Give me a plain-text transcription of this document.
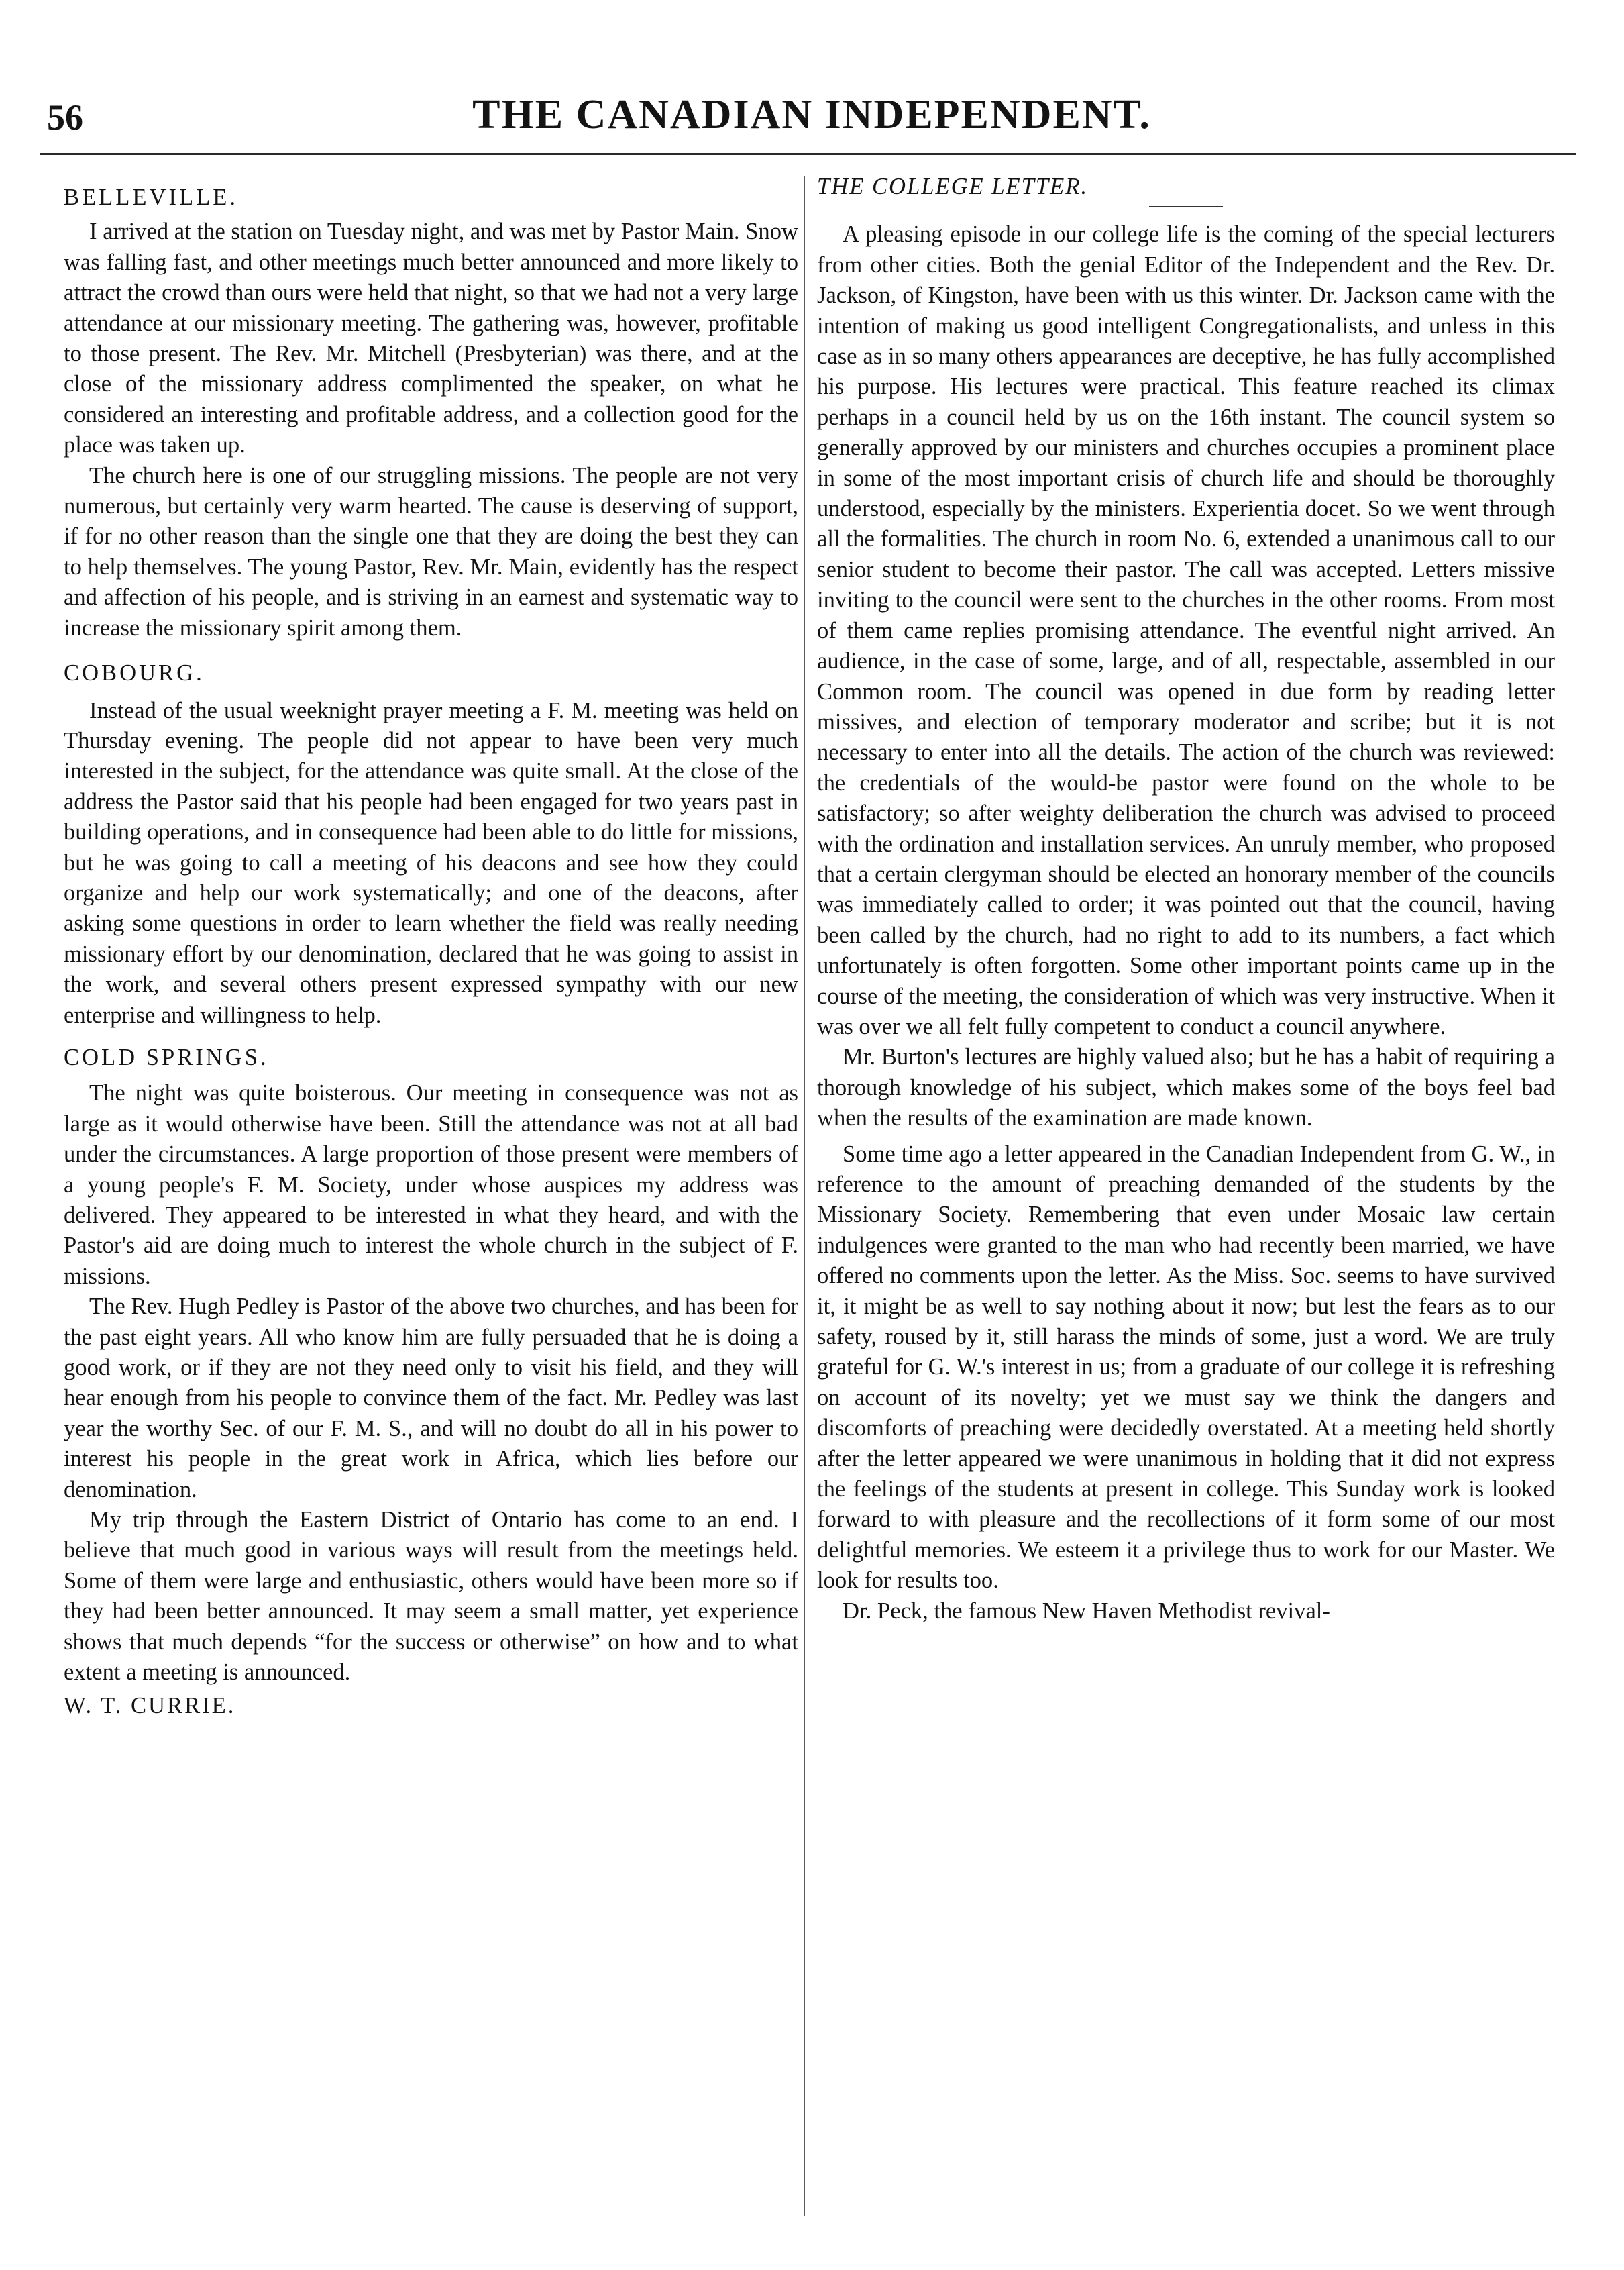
56	THE CANADIAN INDEPENDENT.

BELLEVILLE.

I arrived at the station on Tuesday night, and was met by Pastor Main. Snow was falling fast, and other meetings much better announced and more likely to attract the crowd than ours were held that night, so that we had not a very large attendance at our missionary meeting. The gathering was, however, profitable to those present. The Rev. Mr. Mitchell (Presbyterian) was there, and at the close of the missionary address complimented the speaker, on what he considered an interesting and profitable address, and a collection good for the place was taken up.

The church here is one of our struggling missions. The people are not very numerous, but certainly very warm hearted. The cause is deserving of support, if for no other reason than the single one that they are doing the best they can to help themselves. The young Pastor, Rev. Mr. Main, evidently has the respect and affection of his people, and is striving in an earnest and systematic way to increase the missionary spirit among them.

COBOURG.

Instead of the usual weeknight prayer meeting a F. M. meeting was held on Thursday evening. The people did not appear to have been very much interested in the subject, for the attendance was quite small. At the close of the address the Pastor said that his people had been engaged for two years past in building operations, and in consequence had been able to do little for missions, but he was going to call a meeting of his deacons and see how they could organize and help our work systematically; and one of the deacons, after asking some questions in order to learn whether the field was really needing missionary effort by our denomination, declared that he was going to assist in the work, and several others present expressed sympathy with our new enterprise and willingness to help.

COLD SPRINGS.

The night was quite boisterous. Our meeting in consequence was not as large as it would otherwise have been. Still the attendance was not at all bad under the circumstances. A large proportion of those present were members of a young people's F. M. Society, under whose auspices my address was delivered. They appeared to be interested in what they heard, and with the Pastor's aid are doing much to interest the whole church in the subject of F. missions.

The Rev. Hugh Pedley is Pastor of the above two churches, and has been for the past eight years. All who know him are fully persuaded that he is doing a good work, or if they are not they need only to visit his field, and they will hear enough from his people to convince them of the fact. Mr. Pedley was last year the worthy Sec. of our F. M. S., and will no doubt do all in his power to interest his people in the great work in Africa, which lies before our denomination.

My trip through the Eastern District of Ontario has come to an end. I believe that much good in various ways will result from the meetings held. Some of them were large and enthusiastic, others would have been more so if they had been better announced. It may seem a small matter, yet experience shows that much depends “for the success or otherwise” on how and to what extent a meeting is announced.

W. T. CURRIE.

THE COLLEGE LETTER.

A pleasing episode in our college life is the coming of the special lecturers from other cities. Both the genial Editor of the Independent and the Rev. Dr. Jackson, of Kingston, have been with us this winter. Dr. Jackson came with the intention of making us good intelligent Congregationalists, and unless in this case as in so many others appearances are deceptive, he has fully accomplished his purpose. His lectures were practical. This feature reached its climax perhaps in a council held by us on the 16th instant. The council system so generally approved by our ministers and churches occupies a prominent place in some of the most important crisis of church life and should be thoroughly understood, especially by the ministers. Experientia docet. So we went through all the formalities. The church in room No. 6, extended a unanimous call to our senior student to become their pastor. The call was accepted. Letters missive inviting to the council were sent to the churches in the other rooms. From most of them came replies promising attendance. The eventful night arrived. An audience, in the case of some, large, and of all, respectable, assembled in our Common room. The council was opened in due form by reading letter missives, and election of temporary moderator and scribe; but it is not necessary to enter into all the details. The action of the church was reviewed: the credentials of the would-be pastor were found on the whole to be satisfactory; so after weighty deliberation the church was advised to proceed with the ordination and installation services. An unruly member, who proposed that a certain clergyman should be elected an honorary member of the councils was immediately called to order; it was pointed out that the council, having been called by the church, had no right to add to its numbers, a fact which unfortunately is often forgotten. Some other important points came up in the course of the meeting, the consideration of which was very instructive. When it was over we all felt fully competent to conduct a council anywhere.

Mr. Burton's lectures are highly valued also; but he has a habit of requiring a thorough knowledge of his subject, which makes some of the boys feel bad when the results of the examination are made known.

Some time ago a letter appeared in the Canadian Independent from G. W., in reference to the amount of preaching demanded of the students by the Missionary Society. Remembering that even under Mosaic law certain indulgences were granted to the man who had recently been married, we have offered no comments upon the letter. As the Miss. Soc. seems to have survived it, it might be as well to say nothing about it now; but lest the fears as to our safety, roused by it, still harass the minds of some, just a word. We are truly grateful for G. W.'s interest in us; from a graduate of our college it is refreshing on account of its novelty; yet we must say we think the dangers and discomforts of preaching were decidedly overstated. At a meeting held shortly after the letter appeared we were unanimous in holding that it did not express the feelings of the students at present in college. This Sunday work is looked forward to with pleasure and the recollections of it form some of our most delightful memories. We esteem it a privilege thus to work for our Master. We look for results too.

Dr. Peck, the famous New Haven Methodist revival-
